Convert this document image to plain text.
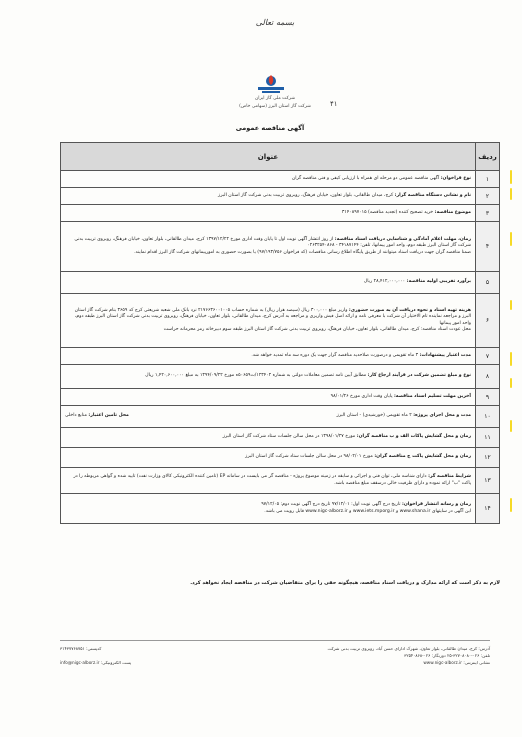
بسمه تعالی
شرکت ملی گاز ایران
شرکت گاز استان البرز (سهامی خاص)	۴۱
آگهی مناقصه عمومی
ردیف	عنوان
۱	نوع فراخوان: آگهی مناقصه عمومی دو مرحله ای همراه با ارزیابی کیفی و فنی مناقصه گران
۲	نام و نشانی دستگاه مناقصه گزار: کرج، میدان طالقانی، بلوار تعاون، خیابان فرهنگ، روبروی تربیت بدنی شرکت گاز استان البرز
۳	موضوع مناقصه: خرید تصحیح کننده (تجدید مناقصه) ۳۱۴۰۸۹۷۰۱۵
۴	زمان، مهلت اعلام آمادگی و شناسایی دریافت اسناد مناقصه: از روز انتشار آگهی نوبت اول تا پایان وقت اداری مورخ ۱۳۹۷/۱۲/۲۲ کرج، میدان طالقانی، بلوار تعاون، خیابان فرهنگ، روبروی تربیت بدنی شرکت گاز استان البرز طبقه دوم، واحد امور پیمانها، تلفن: ۳۴۱۸۷۱۴۴ - ۰۲۶۳۲۵۴۰۸۶۸
ضمنا مناقصه گران جهت دریافت اسناد میتوانند از طریق پایگاه اطلاع رسانی مناقصات (کد فراخوان ۹۷/۱۹۳/۷۵۶) یا بصورت حضوری به امورپیمانهای شرکت گاز البرز اقدام نمایند.
۵	برآورد تقریبی اولیه مناقصه: ۲۸,۴۱۲,۰۰۰,۰۰۰ ریال
۶	هزینه تهیه اسناد و نحوه دریافت آن به صورت حضوری: واریز مبلغ ۳۰۰,۰۰۰ ریال (سیصد هزار ریال) به شماره حساب ۲۱۷۶۶۳۶۰۰۱۰۰۵ نزد بانک ملی شعبه شریعتی کرج کد ۳۶۵۹ بنام شرکت گاز استان البرز و مراجعه نماینده تام الاختیار آن شرکت با معرفی نامه و ارائه اصل فیش واریزی و مراجعه به آدرس کرج، میدان طالقانی، بلوار تعاون، خیابان فرهنگ، روبروی تربیت بدنی شرکت گاز استان البرز طبقه دوم، واحد امور پیمانها
محل عودت اسناد مناقصه: کرج، میدان طالقانی، بلوار تعاون، خیابان فرهنگ، روبروی تربیت بدنی شرکت گاز استان البرز طبقه سوم دبیرخانه رمز محرمانه حراست
۷	مدت اعتبار پیشنهادات: ۳ ماه تقویمی و درصورت صلاحدید مناقصه گزار جهت یک دوره سه ماه تمدید خواهد شد.
۸	نوع و مبلغ تضمین شرکت در فرآیند ارجاع کار: مطابق آیین نامه تضمین معاملات دولتی به شماره ۱۲۳۴۰۲/ت۵۰۶۵۹ه مورخ ۱۳۹۴/۰۹/۲۲ به مبلغ ۱,۴۲۰,۶۰۰,۰۰۰ ریال
۹	آخرین مهلت تسلیم اسناد مناقصه: پایان وقت اداری مورخ ۹۸/۰۱/۲۶
۱۰	مدت و محل اجرای پروژه: ۲ ماه تقویمی (خورشیدی) - استان البرز
محل تامین اعتبار: منابع داخلی

۱۱	زمان و محل گشایش پاکات الف و ب مناقصه گران: مورخ ۱۳۹۸/۰۱/۲۷ در محل سالن جلسات ستاد شرکت گاز استان البرز
۱۲	زمان و محل گشایش پاکت ج مناقصه گران: مورخ ۹۸/۰۲/۰۱ در محل سالن جلسات ستاد شرکت گاز استان البرز
۱۳	شرایط مناقصه گر: دارای شناسه ملی، توان فنی و اجرائی و سابقه در زمینه موضوع پروژه - مناقصه گر می بایست در سامانه EP (تامین کننده الکترونیکی کالای وزارت نفت) تایید شده و گواهی مربوطه را در پاکت "ب" ارائه نموده و دارای ظرفیت خالی درسقف مبلغ مناقصه باشد.
۱۴	زمان و رسانه انتشار فراخوان: تاریخ درج آگهی نوبت اول: ۹۷/۱۲/۰۱ تاریخ درج آگهی نوبت دوم: ۹۷/۱۲/۰۵
این آگهی در سایتهای www.shana.ir و www.iets.mporg.ir و www.nigc-alborz.ir قابل رویت می باشد.
لازم به ذکر است که ارائه مدارک و دریافت اسناد مناقصه، هیچگونه حقی را برای متقاضیان شرکت در مناقصه ایجاد نخواهد کرد.
آدرس: کرج، میدان طالقانی، بلوار تعاون، شهرک ادارای حسن آباد، روبروی تربیت بدنی شرکت
کدپستی: ۳۱۴۳۷۷۶۸۷۵۱
تلفن: ۰۲۶-۳۲۷۰۸۰۸۰-۲۵ دورنگار: ۰۲۶-۳۲۵۴۰۸۶۸
نشانی اینترنتی: www.nigc-alborz.ir
پست الکترونیکی: info@nigc-alborz.ir
